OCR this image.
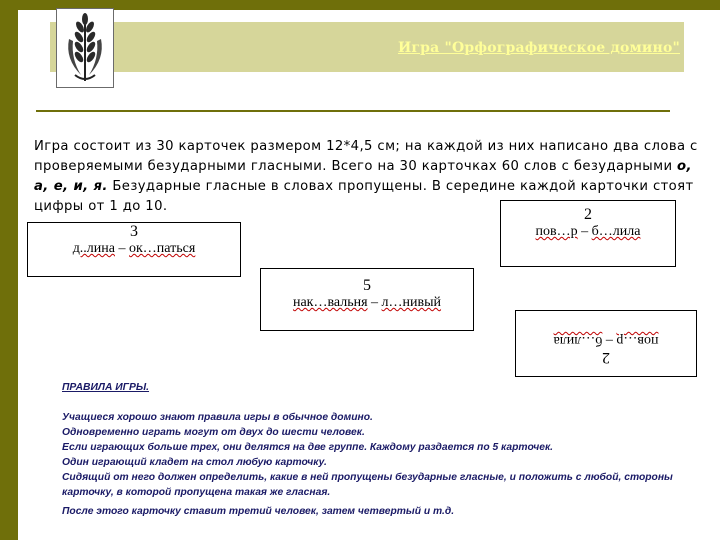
Игра "Орфографическое домино"
Игра состоит из 30 карточек размером 12*4,5 см; на каждой из них написано два слова с проверяемыми безударными гласными. Всего на 30 карточках 60 слов с безударными о, а, е, и, я. Безударные гласные в словах пропущены. В середине каждой карточки стоят цифры от 1 до 10.
3
д..лина – ок…паться
2
пов…р – б…лила
5
нак…вальня – л…нивый
2
пов…р – б…лила
ПРАВИЛА ИГРЫ.
Учащиеся хорошо знают правила игры в обычное домино.
Одновременно играть могут от двух до шести человек.
Если играющих больше трех, они делятся на две группе. Каждому раздается по 5 карточек.
Один играющий кладет на стол любую карточку.
Сидящий от него должен определить, какие в ней пропущены безударные гласные, и положить с любой, стороны карточку, в которой пропущена такая же гласная.
После этого карточку ставит третий человек, затем четвертый и т.д.
